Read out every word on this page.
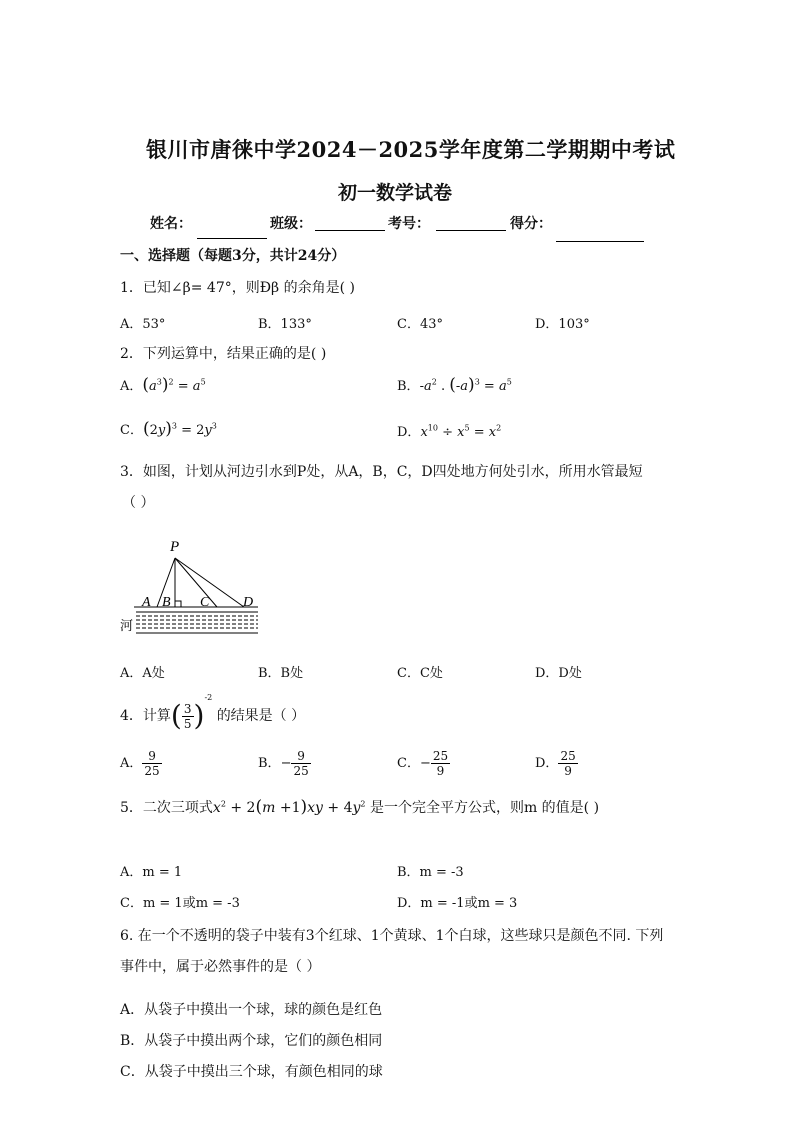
银川市唐徕中学2024－2025学年度第二学期期中考试
初一数学试卷
姓名：	班级：	考号：	得分：
一、选择题（每题3分，共计24分）
1．已知∠β= 47°，则Ðβ 的余角是( )
A．53°	B．133°	C．43°	D．103°
2．下列运算中，结果正确的是( )
A．$(a^3)^2 = a^5$	B．$-a^2$ . $(-a)^3 = a^5$
C．$(2y)^3 = 2y^3$	D．$x^{10} \div x^5 = x^2$
3．如图，计划从河边引水到P处，从A，B，C，D四处地方何处引水，所用水管最短
（ ）
P
A B C D
河
A．A处	B．B处	C．C处	D．D处
4．计算( $\frac{3}{5} )^{-2}$ 的结果是（ ）
A． $\frac{9}{25}$	B．− $\frac{9}{25}$	C．− $\frac{25}{9}$	D． $\frac{25}{9}$
5．二次三项式$x^2 + 2(m +1)xy + 4y^2$ 是一个完全平方公式，则m 的值是( )
A．m = 1	B．m = -3
C．m = 1或m = -3	D．m = -1或m = 3
6. 在一个不透明的袋子中装有3个红球、1个黄球、1个白球，这些球只是颜色不同. 下列
事件中，属于必然事件的是（ ）
A．从袋子中摸出一个球，球的颜色是红色
B．从袋子中摸出两个球，它们的颜色相同
C．从袋子中摸出三个球，有颜色相同的球
